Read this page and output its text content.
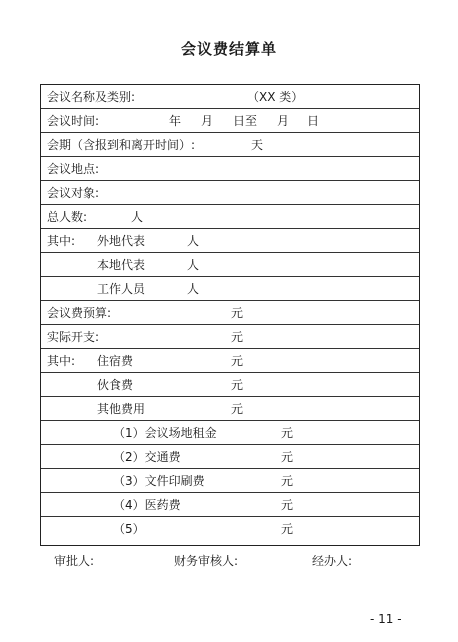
会议费结算单
会议名称及类别:	（XX 类）
会议时间:	年 月 日至 月 日
会期（含报到和离开时间）:	天
会议地点:
会议对象:
总人数:	人
其中: 外地代表	人
本地代表	人
工作人员	人
会议费预算:	元
实际开支:	元
其中: 住宿费	元
伙食费	元
其他费用	元
（1）会议场地租金	元
（2）交通费	元
（3）文件印刷费	元
（4）医药费	元
（5）	元
审批人:	财务审核人:	经办人:
- 11 -
